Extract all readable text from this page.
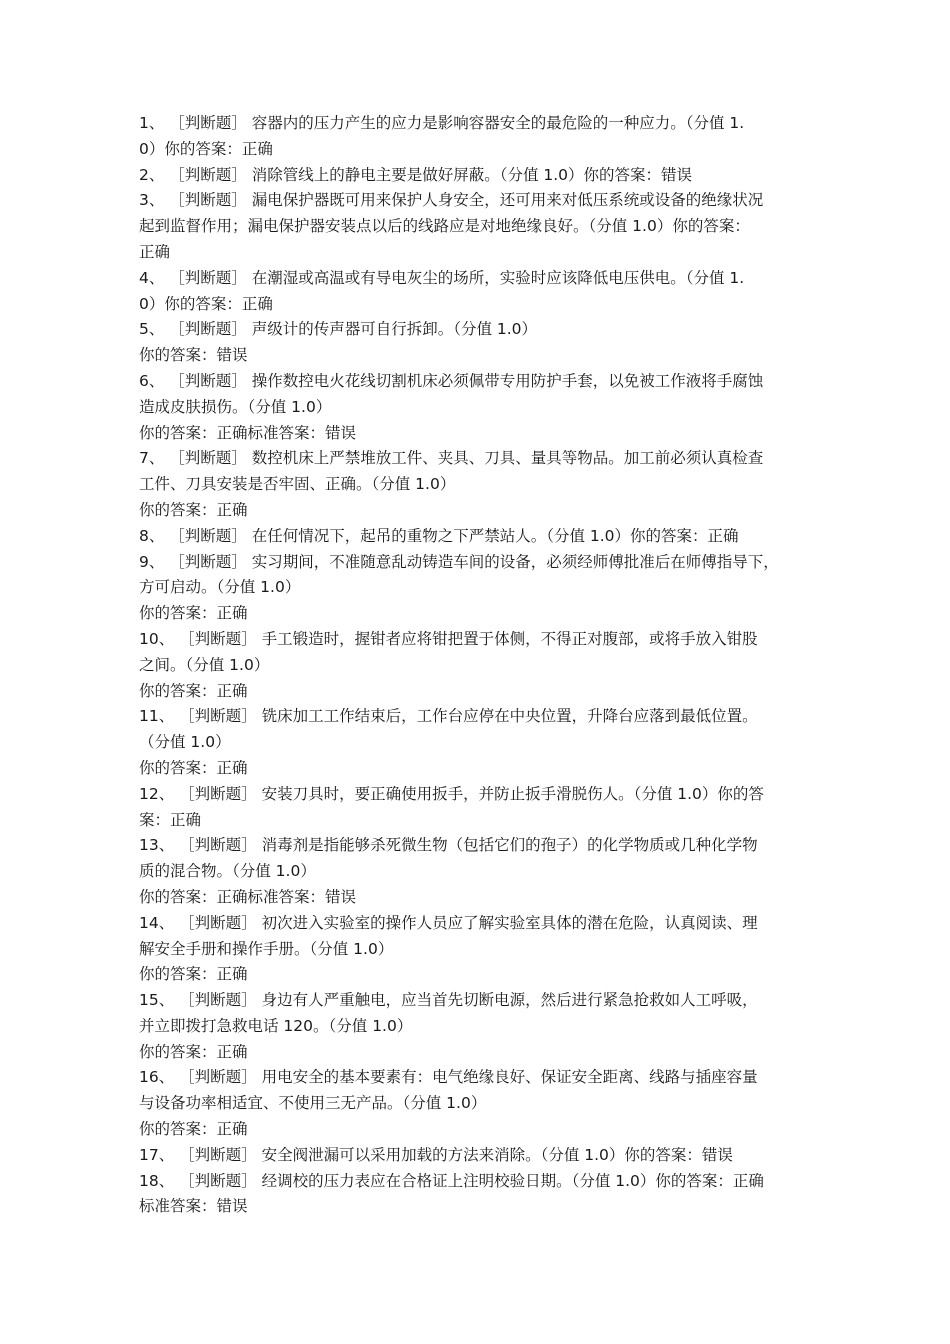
1、 ［判断题］ 容器内的压力产生的应力是影响容器安全的最危险的一种应力。（分值 1.
0）你的答案：正确
2、 ［判断题］ 消除管线上的静电主要是做好屏蔽。（分值 1.0）你的答案：错误
3、 ［判断题］ 漏电保护器既可用来保护人身安全，还可用来对低压系统或设备的绝缘状况
起到监督作用；漏电保护器安装点以后的线路应是对地绝缘良好。（分值 1.0）你的答案：
正确
4、 ［判断题］ 在潮湿或高温或有导电灰尘的场所，实验时应该降低电压供电。（分值 1.
0）你的答案：正确
5、 ［判断题］ 声级计的传声器可自行拆卸。（分值 1.0）
你的答案：错误
6、 ［判断题］ 操作数控电火花线切割机床必须佩带专用防护手套，以免被工作液将手腐蚀
造成皮肤损伤。（分值 1.0）
你的答案：正确标准答案：错误
7、 ［判断题］ 数控机床上严禁堆放工件、夹具、刀具、量具等物品。加工前必须认真检查
工件、刀具安装是否牢固、正确。（分值 1.0）
你的答案：正确
8、 ［判断题］ 在任何情况下，起吊的重物之下严禁站人。（分值 1.0）你的答案：正确
9、 ［判断题］ 实习期间，不准随意乱动铸造车间的设备，必须经师傅批准后在师傅指导下，
方可启动。（分值 1.0）
你的答案：正确
10、 ［判断题］ 手工锻造时，握钳者应将钳把置于体侧，不得正对腹部，或将手放入钳股
之间。（分值 1.0）
你的答案：正确
11、 ［判断题］ 铣床加工工作结束后，工作台应停在中央位置，升降台应落到最低位置。
（分值 1.0）
你的答案：正确
12、 ［判断题］ 安装刀具时，要正确使用扳手，并防止扳手滑脱伤人。（分值 1.0）你的答
案：正确
13、 ［判断题］ 消毒剂是指能够杀死微生物（包括它们的孢子）的化学物质或几种化学物
质的混合物。（分值 1.0）
你的答案：正确标准答案：错误
14、 ［判断题］ 初次进入实验室的操作人员应了解实验室具体的潜在危险，认真阅读、理
解安全手册和操作手册。（分值 1.0）
你的答案：正确
15、 ［判断题］ 身边有人严重触电，应当首先切断电源，然后进行紧急抢救如人工呼吸，
并立即拨打急救电话 120。（分值 1.0）
你的答案：正确
16、 ［判断题］ 用电安全的基本要素有：电气绝缘良好、保证安全距离、线路与插座容量
与设备功率相适宜、不使用三无产品。（分值 1.0）
你的答案：正确
17、 ［判断题］ 安全阀泄漏可以采用加载的方法来消除。（分值 1.0）你的答案：错误
18、 ［判断题］ 经调校的压力表应在合格证上注明校验日期。（分值 1.0）你的答案：正确
标准答案：错误
